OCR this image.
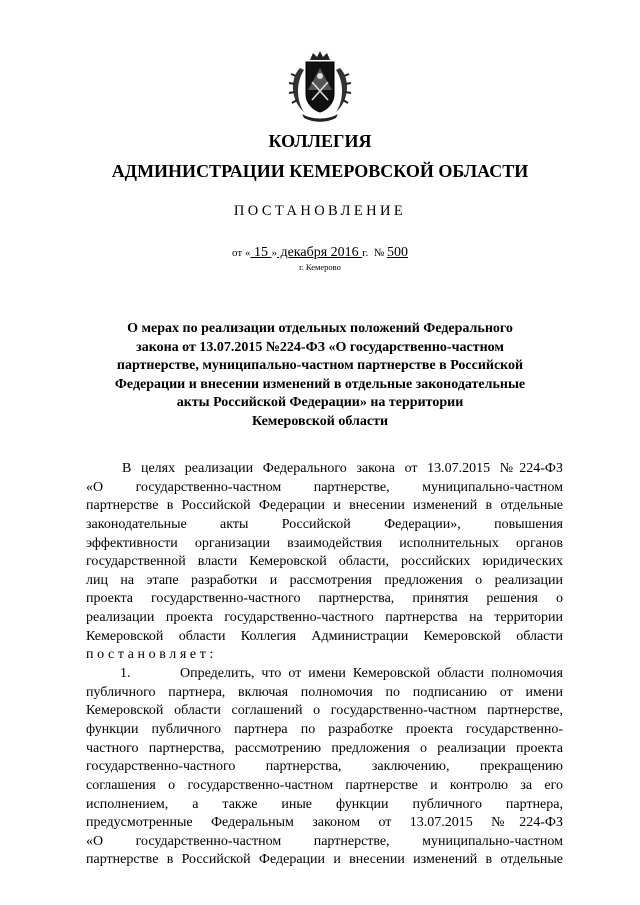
КОЛЛЕГИЯ
АДМИНИСТРАЦИИ КЕМЕРОВСКОЙ ОБЛАСТИ
ПОСТАНОВЛЕНИЕ
от « 15 » декабря 2016 г. № 500
г. Кемерово
О мерах по реализации отдельных положений Федерального
закона от 13.07.2015 №224-ФЗ «О государственно-частном
партнерстве, муниципально-частном партнерстве в Российской
Федерации и внесении изменений в отдельные законодательные
акты Российской Федерации» на территории
Кемеровской области
В целях реализации Федерального закона от 13.07.2015 №224-ФЗ
«О государственно-частном партнерстве, муниципально-частном
партнерстве в Российской Федерации и внесении изменений в отдельные
законодательные акты Российской Федерации», повышения
эффективности организации взаимодействия исполнительных органов
государственной власти Кемеровской области, российских юридических
лиц на этапе разработки и рассмотрения предложения о реализации
проекта государственно-частного партнерства, принятия решения о
реализации проекта государственно-частного партнерства на территории
Кемеровской области Коллегия Администрации Кемеровской области
постановляет:
1.	Определить, что от имени Кемеровской области полномочия
публичного партнера, включая полномочия по подписанию от имени
Кемеровской области соглашений о государственно-частном партнерстве,
функции публичного партнера по разработке проекта государственно-
частного партнерства, рассмотрению предложения о реализации проекта
государственно-частного партнерства, заключению, прекращению
соглашения о государственно-частном партнерстве и контролю за его
исполнением, а также иные функции публичного партнера,
предусмотренные Федеральным законом от 13.07.2015 №224-ФЗ
«О государственно-частном партнерстве, муниципально-частном
партнерстве в Российской Федерации и внесении изменений в отдельные
